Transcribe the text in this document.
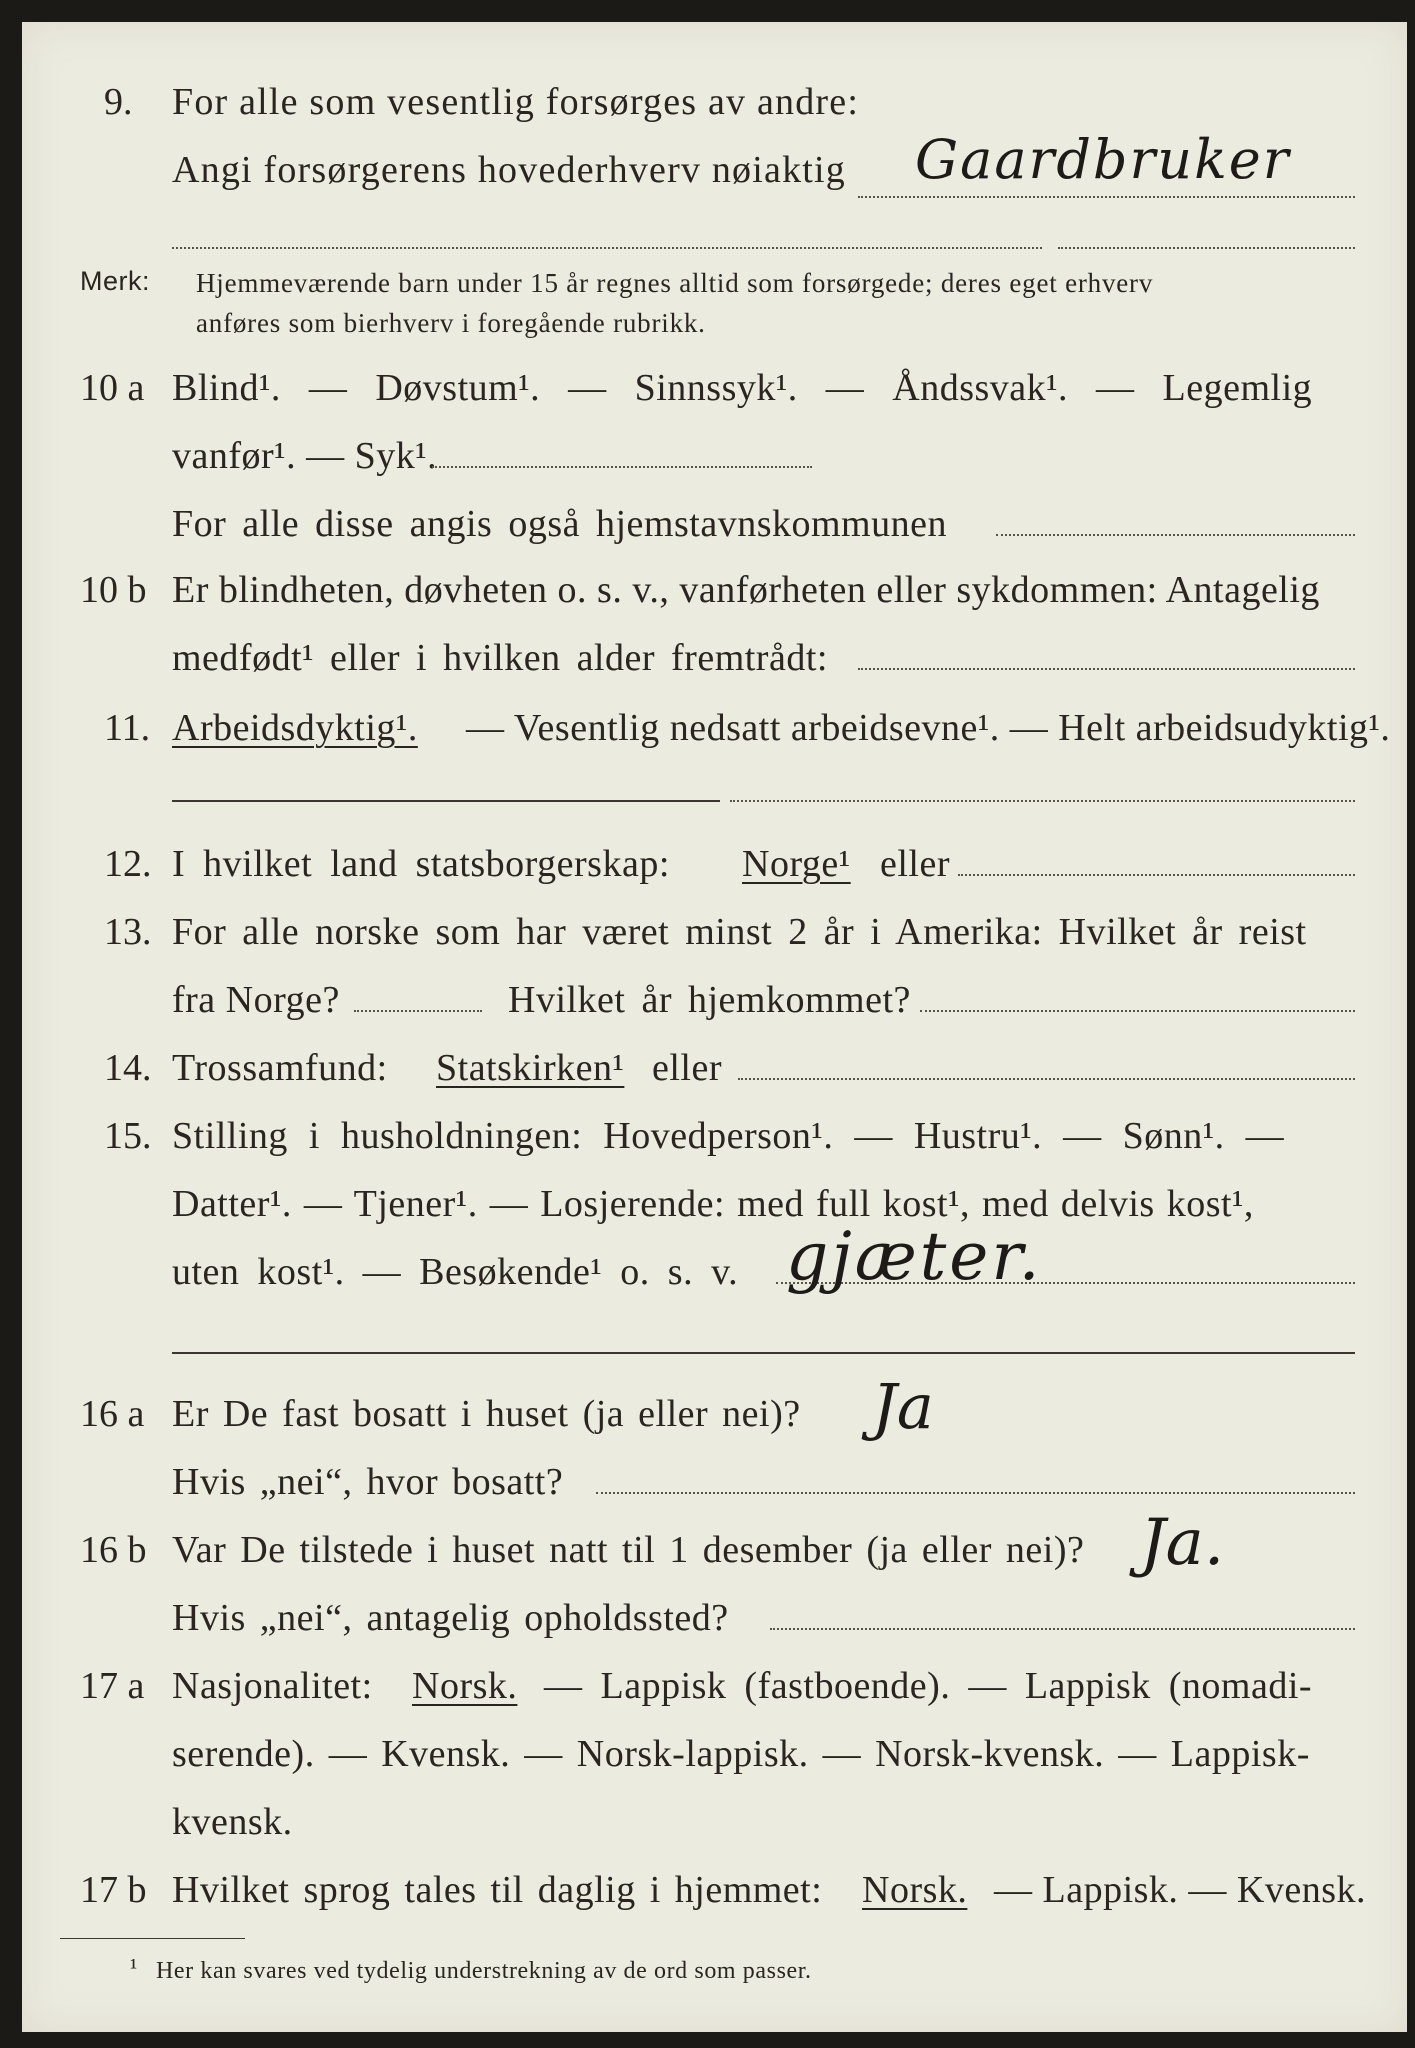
9. For alle som vesentlig forsørges av andre:
Angi forsørgerens hovederhverv nøiaktig Gaardbruker
Merk: Hjemmeværende barn under 15 år regnes alltid som forsørgede; deres eget erhverv
anføres som bierhverv i foregående rubrikk.
10 a Blind¹. — Døvstum¹. — Sinnssyk¹. — Åndssvak¹. — Legemlig
vanfør¹. — Syk¹.
For alle disse angis også hjemstavnskommunen
10 b Er blindheten, døvheten o. s. v., vanførheten eller sykdommen: Antagelig
medfødt¹ eller i hvilken alder fremtrådt:
11. Arbeidsdyktig¹. — Vesentlig nedsatt arbeidsevne¹. — Helt arbeidsudyktig¹.
12. I hvilket land statsborgerskap: Norge¹ eller
13. For alle norske som har været minst 2 år i Amerika: Hvilket år reist
fra Norge?	Hvilket år hjemkommet?
14. Trossamfund: Statskirken¹ eller
15. Stilling i husholdningen: Hovedperson¹. — Hustru¹. — Sønn¹. —
Datter¹. — Tjener¹. — Losjerende: med full kost¹, med delvis kost¹,
uten kost¹. — Besøkende¹ o. s. v. gjæter.
16 a Er De fast bosatt i huset (ja eller nei)? Ja
Hvis „nei“, hvor bosatt?
16 b Var De tilstede i huset natt til 1 desember (ja eller nei)? Ja.
Hvis „nei“, antagelig opholdssted?
17 a Nasjonalitet: Norsk. — Lappisk (fastboende). — Lappisk (nomadi-
serende). — Kvensk. — Norsk-lappisk. — Norsk-kvensk. — Lappisk-
kvensk.
17 b Hvilket sprog tales til daglig i hjemmet: Norsk. — Lappisk. — Kvensk.
¹ Her kan svares ved tydelig understrekning av de ord som passer.
